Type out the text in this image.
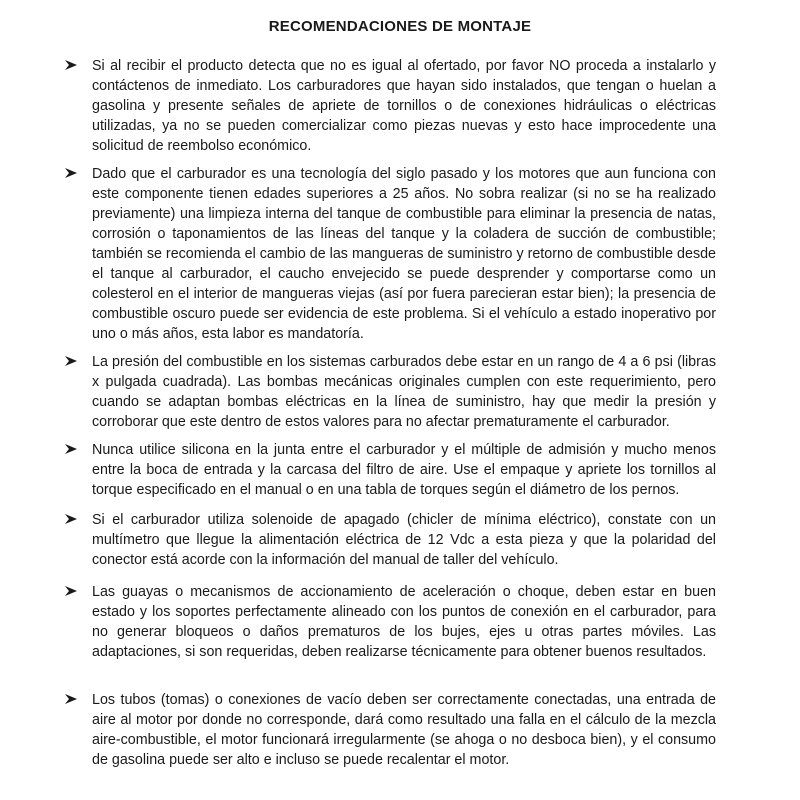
RECOMENDACIONES DE MONTAJE

Si al recibir el producto detecta que no es igual al ofertado, por favor NO proceda a instalarlo y contáctenos de inmediato. Los carburadores que hayan sido instalados, que tengan o huelan a gasolina y presente señales de apriete de tornillos o de conexiones hidráulicas o eléctricas utilizadas, ya no se pueden comercializar como piezas nuevas y esto hace improcedente una solicitud de reembolso económico.

Dado que el carburador es una tecnología del siglo pasado y los motores que aun funciona con este componente tienen edades superiores a 25 años. No sobra realizar (si no se ha realizado previamente) una limpieza interna del tanque de combustible para eliminar la presencia de natas, corrosión o taponamientos de las líneas del tanque y la coladera de succión de combustible; también se recomienda el cambio de las mangueras de suministro y retorno de combustible desde el tanque al carburador, el caucho envejecido se puede desprender y comportarse como un colesterol en el interior de mangueras viejas (así por fuera parecieran estar bien); la presencia de combustible oscuro puede ser evidencia de este problema. Si el vehículo a estado inoperativo por uno o más años, esta labor es mandatoría.

La presión del combustible en los sistemas carburados debe estar en un rango de 4 a 6 psi (libras x pulgada cuadrada). Las bombas mecánicas originales cumplen con este requerimiento, pero cuando se adaptan bombas eléctricas en la línea de suministro, hay que medir la presión y corroborar que este dentro de estos valores para no afectar prematuramente el carburador.

Nunca utilice silicona en la junta entre el carburador y el múltiple de admisión y mucho menos entre la boca de entrada y la carcasa del filtro de aire. Use el empaque y apriete los tornillos al torque especificado en el manual o en una tabla de torques según el diámetro de los pernos.

Si el carburador utiliza solenoide de apagado (chicler de mínima eléctrico), constate con un multímetro que llegue la alimentación eléctrica de 12 Vdc a esta pieza y que la polaridad del conector está acorde con la información del manual de taller del vehículo.

Las guayas o mecanismos de accionamiento de aceleración o choque, deben estar en buen estado y los soportes perfectamente alineado con los puntos de conexión en el carburador, para no generar bloqueos o daños prematuros de los bujes, ejes u otras partes móviles. Las adaptaciones, si son requeridas, deben realizarse técnicamente para obtener buenos resultados.

Los tubos (tomas) o conexiones de vacío deben ser correctamente conectadas, una entrada de aire al motor por donde no corresponde, dará como resultado una falla en el cálculo de la mezcla aire-combustible, el motor funcionará irregularmente (se ahoga o no desboca bien), y el consumo de gasolina puede ser alto e incluso se puede recalentar el motor.
